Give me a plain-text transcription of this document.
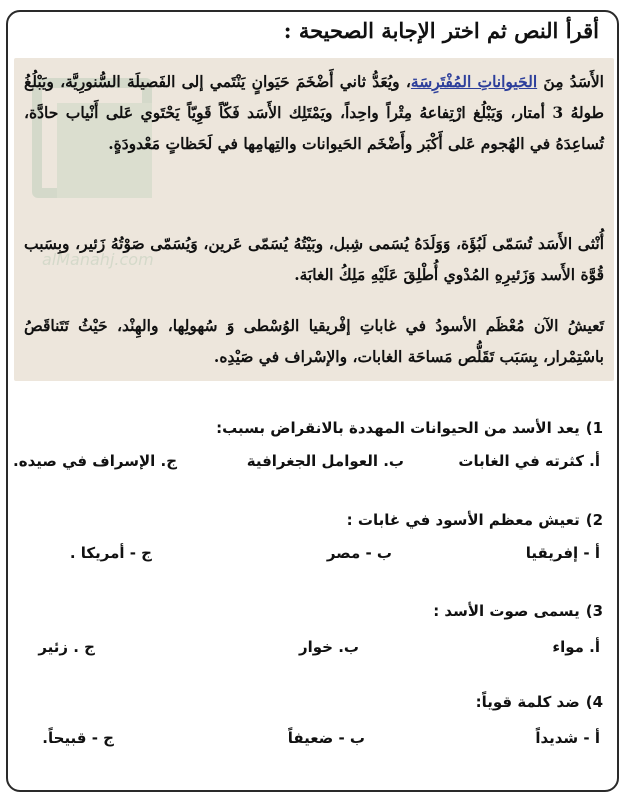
أقرأ النص ثم اختر الإجابة الصحيحة :
alManahj.com

الأَسَدُ مِنَ الحَيواناتِ المُفْتَرِسَة، ويُعَدُّ ثاني أَضْخَمَ حَيَوانٍ يَنْتَمي إلى الفَصيلَة السُّنورِيَّة، ويَبْلُغُ طولهُ 3 أمتار، وَيَبْلُغ ارْتِفاعهُ مِتْراً واحِداً، ويَمْتَلِك الأَسَد فَكّاً قَوِيّاً يَحْتَوي عَلى أَنْياب حادَّة، تُساعِدَهُ في الهُجوم عَلى أَكْبَر وأَضْخَم الحَيوانات والتِهامِها في لَحَظاتٍ مَعْدودَةٍ.

أُنْثى الأَسَد تُسَمّى لَبُؤَة، وَوَلَدَهُ يُسَمى شِبل، وبَيْتُهُ يُسَمّى عَرين، وَيُسَمّى صَوْتُهُ زَئير، وبِسَبب قُوَّة الأَسد وَزَئيرِهِ المُدْوي أُطْلِقَ عَلَيْهِ مَلِكُ الغابَة.

تَعيشُ الآن مُعْظَم الأسودُ في غاباتِ إفْريقيا الوُسْطى وَ سُهولِها، والهِنْد، حَيْثُ تَتَناقَصُ باسْتِمْرار، بِسَبَب تَقَلُّص مَساحَة الغابات، والإسْراف في صَيْدِه.

1)يعد الأسد من الحيوانات المهددة بالانقراض بسبب:
أ. كثرته في الغابات
ب. العوامل الجغرافية
ج. الإسراف في صيده.
2)تعيش معظم الأسود في غابات :
أ - إفريقيا
ب - مصر
ج - أمريكا .
3)يسمى صوت الأسد :
أ. مواء
ب. خوار
ج . زئير
4)ضد كلمة قوياً:
أ - شديداً
ب - ضعيفاً
ج - قبيحاً.
